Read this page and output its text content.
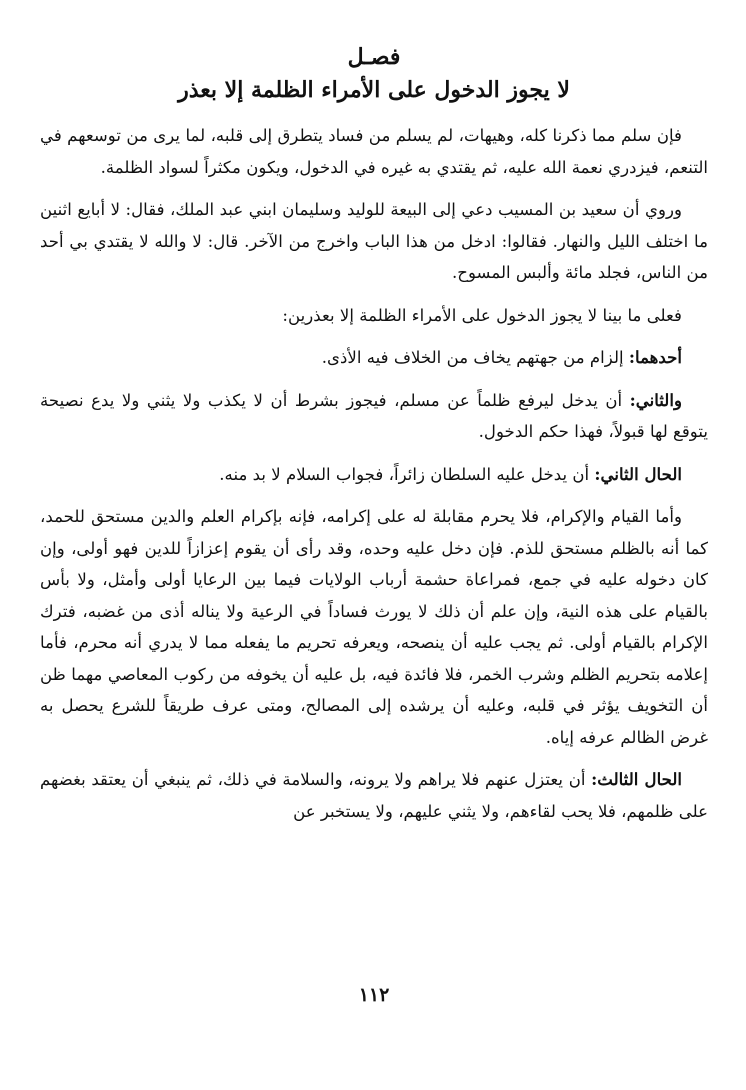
فصـل
لا يجوز الدخول على الأمراء الظلمة إلا بعذر

فإن سلم مما ذكرنا كله، وهيهات، لم يسلم من فساد يتطرق إلى قلبه، لما يرى من توسعهم في التنعم، فيزدري نعمة الله عليه، ثم يقتدي به غيره في الدخول، ويكون مكثراً لسواد الظلمة.

وروي أن سعيد بن المسيب دعي إلى البيعة للوليد وسليمان ابني عبد الملك، فقال: لا أبايع اثنين ما اختلف الليل والنهار. فقالوا: ادخل من هذا الباب واخرج من الآخر. قال: لا والله لا يقتدي بي أحد من الناس، فجلد مائة وألبس المسوح.

فعلى ما بينا لا يجوز الدخول على الأمراء الظلمة إلا بعذرين:

أحدهما: إلزام من جهتهم يخاف من الخلاف فيه الأذى.

والثاني: أن يدخل ليرفع ظلماً عن مسلم، فيجوز بشرط أن لا يكذب ولا يثني ولا يدع نصيحة يتوقع لها قبولاً، فهذا حكم الدخول.

الحال الثاني: أن يدخل عليه السلطان زائراً، فجواب السلام لا بد منه.

وأما القيام والإكرام، فلا يحرم مقابلة له على إكرامه، فإنه بإكرام العلم والدين مستحق للحمد، كما أنه بالظلم مستحق للذم. فإن دخل عليه وحده، وقد رأى أن يقوم إعزازاً للدين فهو أولى، وإن كان دخوله عليه في جمع، فمراعاة حشمة أرباب الولايات فيما بين الرعايا أولى وأمثل، ولا بأس بالقيام على هذه النية، وإن علم أن ذلك لا يورث فساداً في الرعية ولا يناله أذى من غضبه، فترك الإكرام بالقيام أولى. ثم يجب عليه أن ينصحه، ويعرفه تحريم ما يفعله مما لا يدري أنه محرم، فأما إعلامه بتحريم الظلم وشرب الخمر، فلا فائدة فيه، بل عليه أن يخوفه من ركوب المعاصي مهما ظن أن التخويف يؤثر في قلبه، وعليه أن يرشده إلى المصالح، ومتى عرف طريقاً للشرع يحصل به غرض الظالم عرفه إياه.

الحال الثالث: أن يعتزل عنهم فلا يراهم ولا يرونه، والسلامة في ذلك، ثم ينبغي أن يعتقد بغضهم على ظلمهم، فلا يحب لقاءهم، ولا يثني عليهم، ولا يستخبر عن

١١٢
